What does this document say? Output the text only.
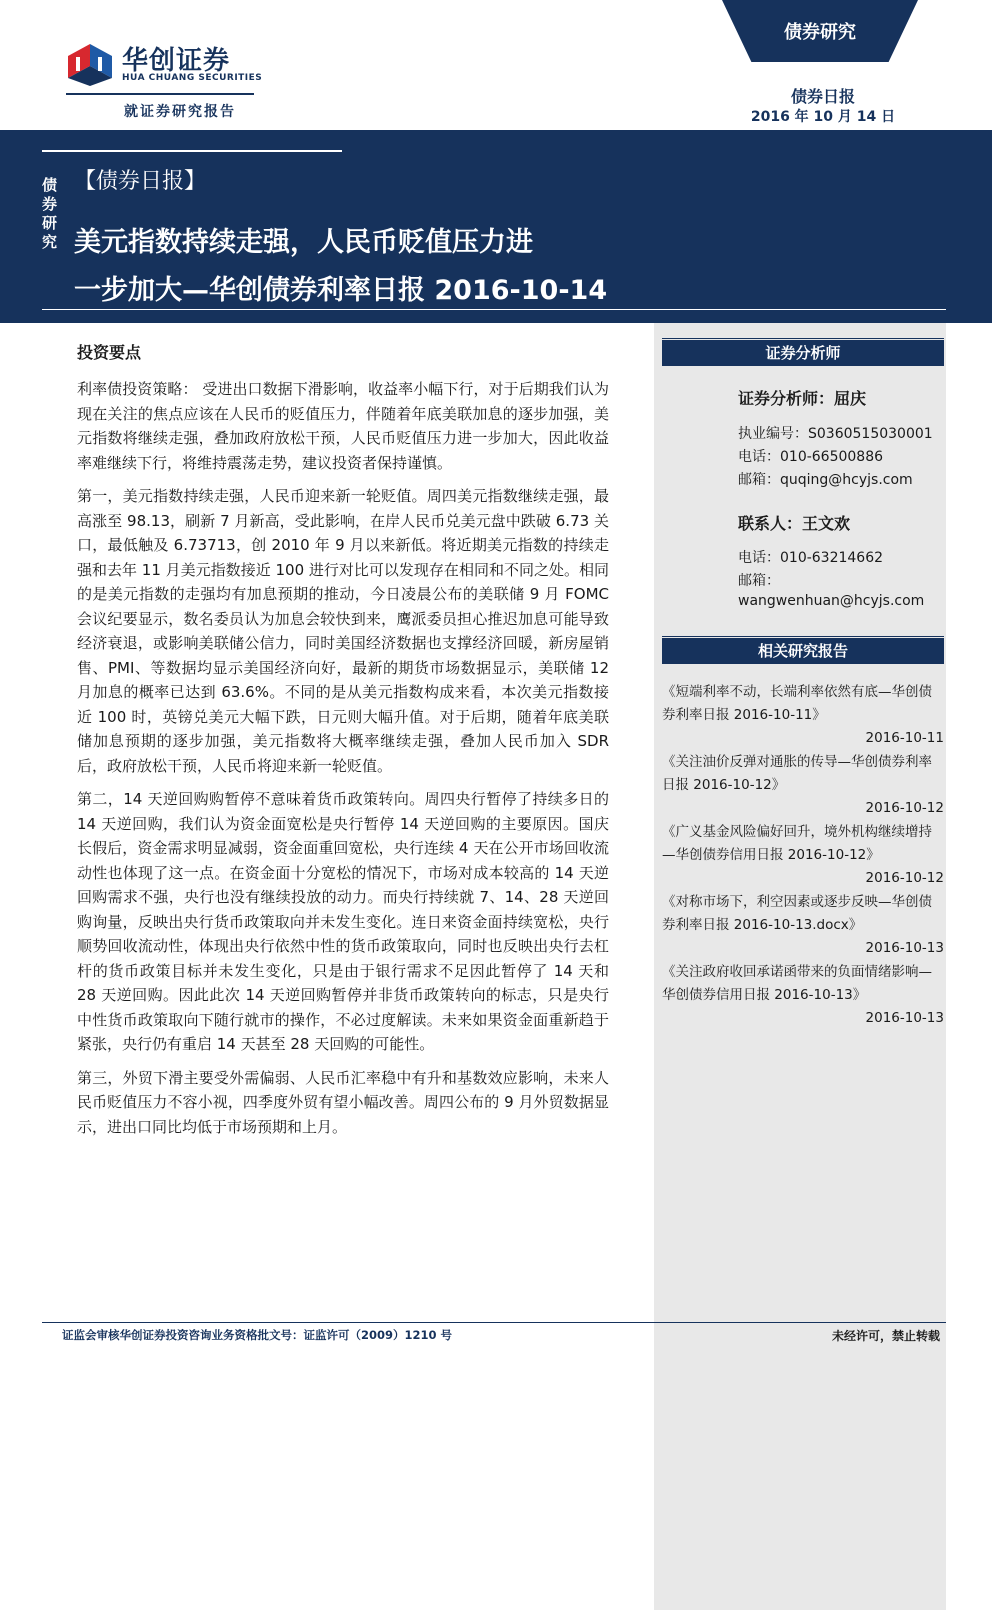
债券研究
华创证券
HUA CHUANG SECURITIES
就证券研究报告
债券日报
2016 年 10 月 14 日
债券研究
【债券日报】
美元指数持续走强，人民币贬值压力进
一步加大—华创债券利率日报 2016-10-14
投资要点

利率债投资策略： 受进出口数据下滑影响，收益率小幅下行，对于后期我们认为现在关注的焦点应该在人民币的贬值压力，伴随着年底美联加息的逐步加强，美元指数将继续走强，叠加政府放松干预，人民币贬值压力进一步加大，因此收益率难继续下行，将维持震荡走势，建议投资者保持谨慎。

第一，美元指数持续走强，人民币迎来新一轮贬值。周四美元指数继续走强，最高涨至 98.13，刷新 7 月新高，受此影响，在岸人民币兑美元盘中跌破 6.73 关口，最低触及 6.73713，创 2010 年 9 月以来新低。将近期美元指数的持续走强和去年 11 月美元指数接近 100 进行对比可以发现存在相同和不同之处。相同的是美元指数的走强均有加息预期的推动，今日凌晨公布的美联储 9 月 FOMC 会议纪要显示，数名委员认为加息会较快到来，鹰派委员担心推迟加息可能导致经济衰退，或影响美联储公信力，同时美国经济数据也支撑经济回暖，新房屋销售、PMI、等数据均显示美国经济向好，最新的期货市场数据显示，美联储 12 月加息的概率已达到 63.6%。不同的是从美元指数构成来看，本次美元指数接近 100 时，英镑兑美元大幅下跌，日元则大幅升值。对于后期，随着年底美联储加息预期的逐步加强，美元指数将大概率继续走强，叠加人民币加入 SDR 后，政府放松干预，人民币将迎来新一轮贬值。

第二，14 天逆回购购暂停不意味着货币政策转向。周四央行暂停了持续多日的 14 天逆回购，我们认为资金面宽松是央行暂停 14 天逆回购的主要原因。国庆长假后，资金需求明显减弱，资金面重回宽松，央行连续 4 天在公开市场回收流动性也体现了这一点。在资金面十分宽松的情况下，市场对成本较高的 14 天逆回购需求不强，央行也没有继续投放的动力。而央行持续就 7、14、28 天逆回购询量，反映出央行货币政策取向并未发生变化。连日来资金面持续宽松，央行顺势回收流动性，体现出央行依然中性的货币政策取向，同时也反映出央行去杠杆的货币政策目标并未发生变化，只是由于银行需求不足因此暂停了 14 天和 28 天逆回购。因此此次 14 天逆回购暂停并非货币政策转向的标志，只是央行中性货币政策取向下随行就市的操作，不必过度解读。未来如果资金面重新趋于紧张，央行仍有重启 14 天甚至 28 天回购的可能性。

第三，外贸下滑主要受外需偏弱、人民币汇率稳中有升和基数效应影响，未来人民币贬值压力不容小视，四季度外贸有望小幅改善。周四公布的 9 月外贸数据显示，进出口同比均低于市场预期和上月。

证券分析师
证券分析师：屈庆
执业编号：S0360515030001
电话：010-66500886
邮箱：quqing@hcyjs.com
联系人：王文欢
电话：010-63214662
邮箱：
wangwenhuan@hcyjs.com
相关研究报告
《短端利率不动，长端利率依然有底—华创债券利率日报 2016-10-11》
2016-10-11
《关注油价反弹对通胀的传导—华创债券利率日报 2016-10-12》
2016-10-12
《广义基金风险偏好回升，境外机构继续增持—华创债券信用日报 2016-10-12》
2016-10-12
《对称市场下，利空因素或逐步反映—华创债券利率日报 2016-10-13.docx》
2016-10-13
《关注政府收回承诺函带来的负面情绪影响—华创债券信用日报 2016-10-13》
2016-10-13
证监会审核华创证券投资咨询业务资格批文号：证监许可（2009）1210 号	未经许可，禁止转载
